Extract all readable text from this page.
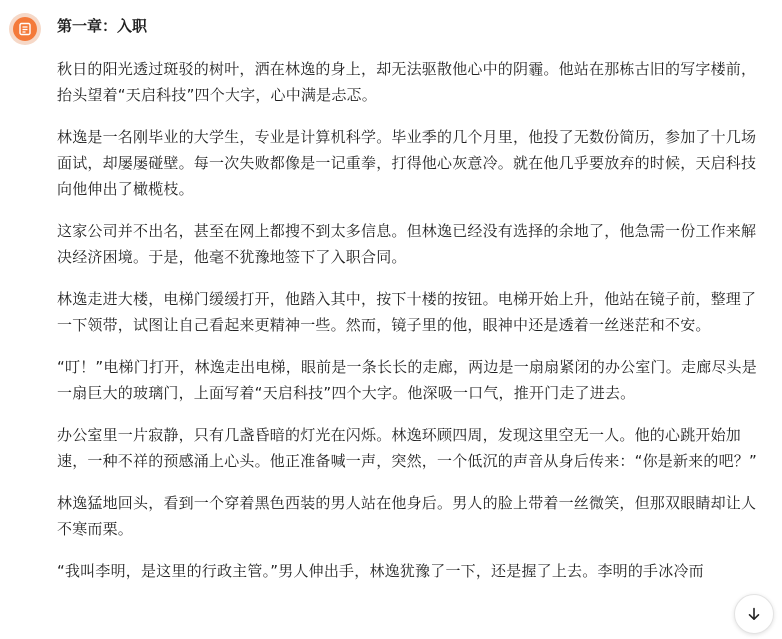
第一章：入职

秋日的阳光透过斑驳的树叶，洒在林逸的身上，却无法驱散他心中的阴霾。他站在那栋古旧的写字楼前，抬头望着“天启科技”四个大字，心中满是忐忑。

林逸是一名刚毕业的大学生，专业是计算机科学。毕业季的几个月里，他投了无数份简历，参加了十几场面试，却屡屡碰壁。每一次失败都像是一记重拳，打得他心灰意冷。就在他几乎要放弃的时候，天启科技向他伸出了橄榄枝。

这家公司并不出名，甚至在网上都搜不到太多信息。但林逸已经没有选择的余地了，他急需一份工作来解决经济困境。于是，他毫不犹豫地签下了入职合同。

林逸走进大楼，电梯门缓缓打开，他踏入其中，按下十楼的按钮。电梯开始上升，他站在镜子前，整理了一下领带，试图让自己看起来更精神一些。然而，镜子里的他，眼神中还是透着一丝迷茫和不安。

“叮！”电梯门打开，林逸走出电梯，眼前是一条长长的走廊，两边是一扇扇紧闭的办公室门。走廊尽头是一扇巨大的玻璃门，上面写着“天启科技”四个大字。他深吸一口气，推开门走了进去。

办公室里一片寂静，只有几盏昏暗的灯光在闪烁。林逸环顾四周，发现这里空无一人。他的心跳开始加速，一种不祥的预感涌上心头。他正准备喊一声，突然，一个低沉的声音从身后传来：“你是新来的吧？”

林逸猛地回头，看到一个穿着黑色西装的男人站在他身后。男人的脸上带着一丝微笑，但那双眼睛却让人不寒而栗。

“我叫李明，是这里的行政主管。”男人伸出手，林逸犹豫了一下，还是握了上去。李明的手冰冷而
